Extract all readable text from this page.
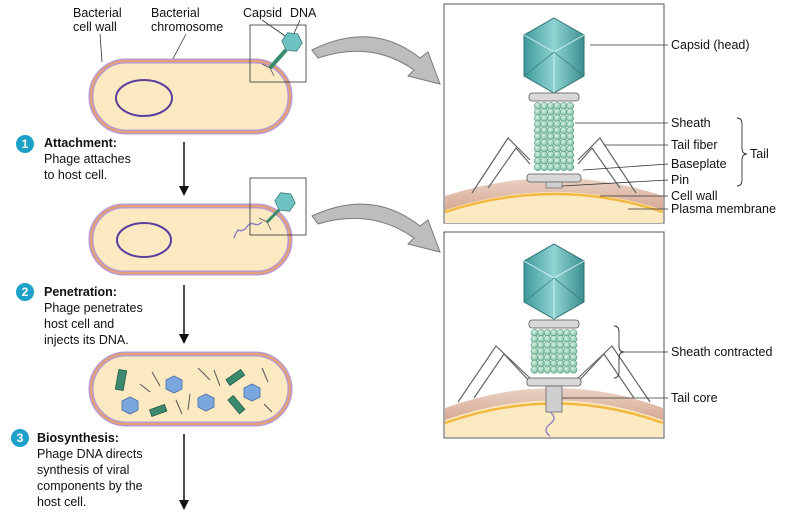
Bacterial
cell wall
Bacterial
chromosome
Capsid DNA
1 Attachment:
Phage attaches
to host cell.
2 Penetration:
Phage penetrates
host cell and
injects its DNA.
3 Biosynthesis:
Phage DNA directs
synthesis of viral
components by the
host cell.
Capsid (head)
Sheath
Tail fiber
Baseplate
Pin
Cell wall
Plasma membrane
Tail
Sheath contracted
Tail core
